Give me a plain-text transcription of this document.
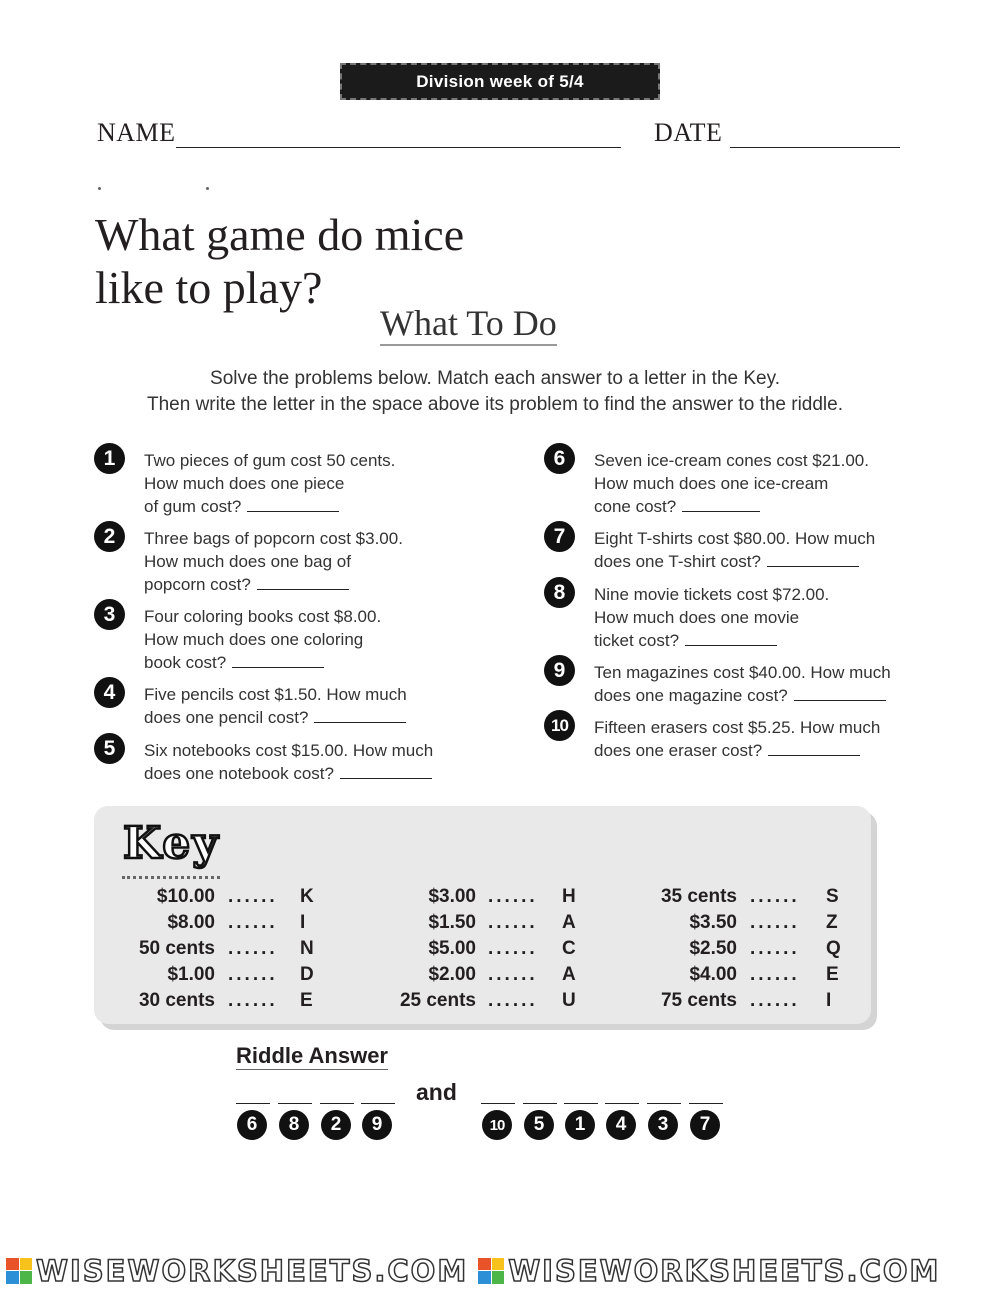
Division week of 5/4
NAME	DATE
What game do mice
like to play?
What To Do
Solve the problems below. Match each answer to a letter in the Key.
Then write the letter in the space above its problem to find the answer to the riddle.
1	Two pieces of gum cost 50 cents.
How much does one piece
of gum cost?
2	Three bags of popcorn cost $3.00.
How much does one bag of
popcorn cost?
3	Four coloring books cost $8.00.
How much does one coloring
book cost?
4	Five pencils cost $1.50. How much
does one pencil cost?
5	Six notebooks cost $15.00. How much
does one notebook cost?
6	Seven ice-cream cones cost $21.00.
How much does one ice-cream
cone cost?
7	Eight T-shirts cost $80.00. How much
does one T-shirt cost?
8	Nine movie tickets cost $72.00.
How much does one movie
ticket cost?
9	Ten magazines cost $40.00. How much
does one magazine cost?
10	Fifteen erasers cost $5.25. How much
does one eraser cost?
Key
$10.00 ...... K
$8.00 ...... I
50 cents ...... N
$1.00 ...... D
30 cents ...... E
$3.00 ...... H
$1.50 ...... A
$5.00 ...... C
$2.00 ...... A
25 cents ...... U
35 cents ...... S
$3.50 ...... Z
$2.50 ...... Q
$4.00 ...... E
75 cents ...... I
Riddle Answer
and
6	8	2	9	10	5	1	4	3	7
WISEWORKSHEETS.COM WISEWORKSHEETS.COM
